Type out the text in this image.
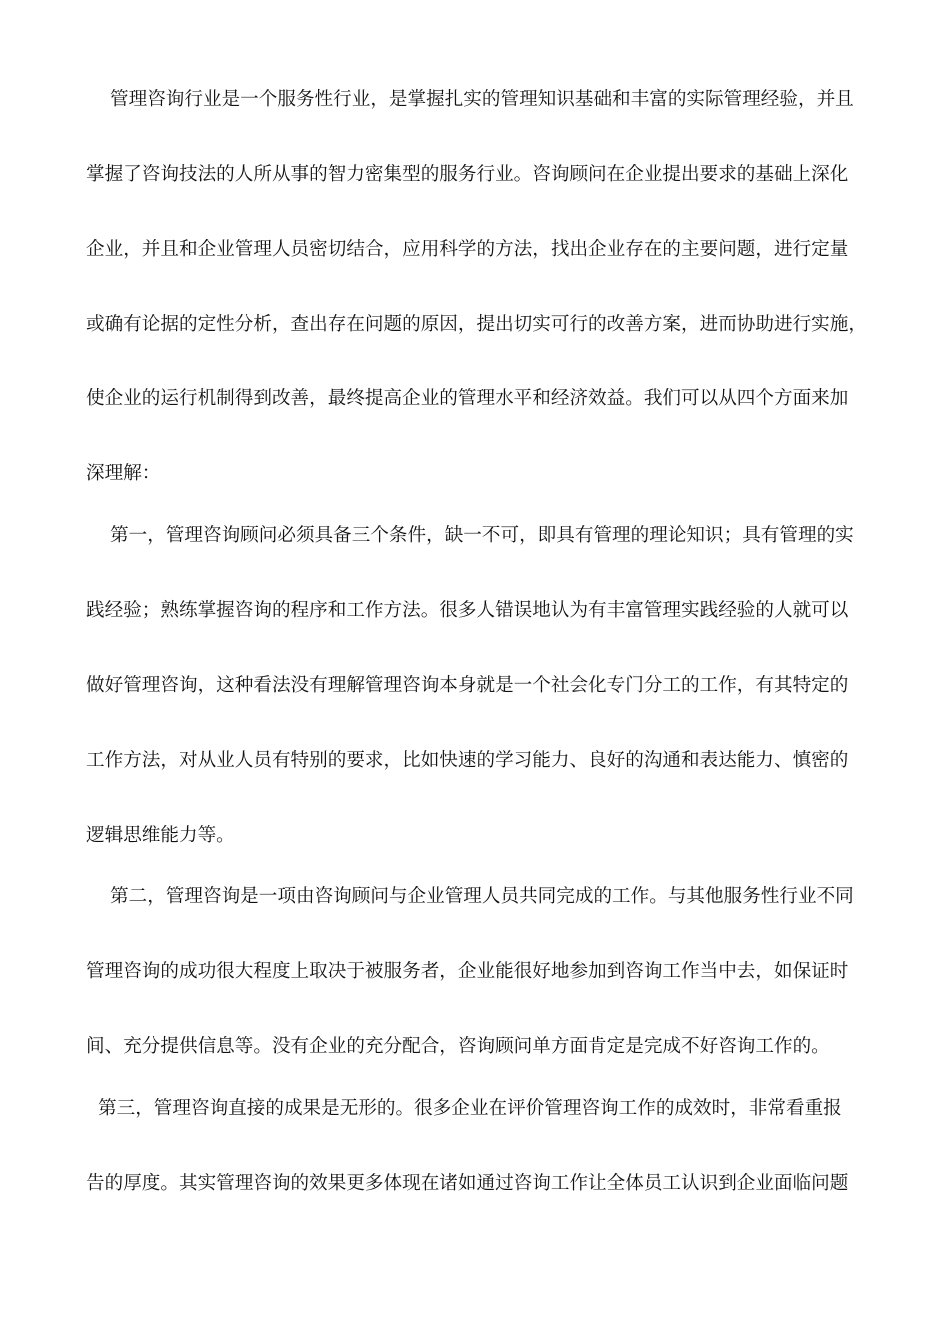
管理咨询行业是一个服务性行业，是掌握扎实的管理知识基础和丰富的实际管理经验，并且
掌握了咨询技法的人所从事的智力密集型的服务行业。咨询顾问在企业提出要求的基础上深化
企业，并且和企业管理人员密切结合，应用科学的方法，找出企业存在的主要问题，进行定量
或确有论据的定性分析，查出存在问题的原因，提出切实可行的改善方案，进而协助进行实施，
使企业的运行机制得到改善，最终提高企业的管理水平和经济效益。我们可以从四个方面来加
深理解：
第一，管理咨询顾问必须具备三个条件，缺一不可，即具有管理的理论知识；具有管理的实
践经验；熟练掌握咨询的程序和工作方法。很多人错误地认为有丰富管理实践经验的人就可以
做好管理咨询，这种看法没有理解管理咨询本身就是一个社会化专门分工的工作，有其特定的
工作方法，对从业人员有特别的要求，比如快速的学习能力、良好的沟通和表达能力、慎密的
逻辑思维能力等。
第二，管理咨询是一项由咨询顾问与企业管理人员共同完成的工作。与其他服务性行业不同
管理咨询的成功很大程度上取决于被服务者，企业能很好地参加到咨询工作当中去，如保证时
间、充分提供信息等。没有企业的充分配合，咨询顾问单方面肯定是完成不好咨询工作的。
第三，管理咨询直接的成果是无形的。很多企业在评价管理咨询工作的成效时，非常看重报
告的厚度。其实管理咨询的效果更多体现在诸如通过咨询工作让全体员工认识到企业面临问题
